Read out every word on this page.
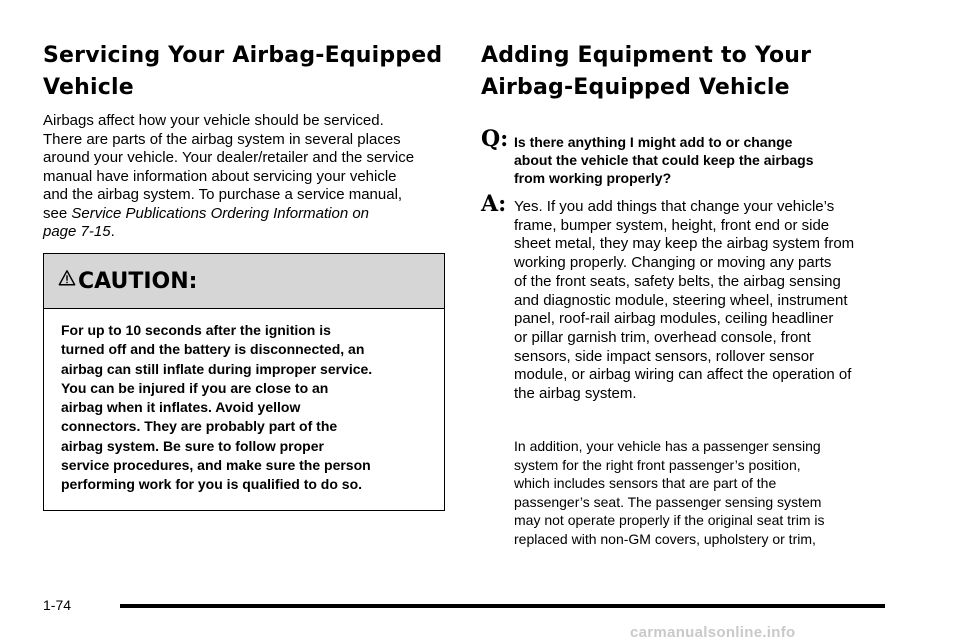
Servicing Your Airbag-Equipped
Vehicle

Airbags affect how your vehicle should be serviced.
There are parts of the airbag system in several places
around your vehicle. Your dealer/retailer and the service
manual have information about servicing your vehicle
and the airbag system. To purchase a service manual,
see Service Publications Ordering Information on
page 7-15.

CAUTION:

For up to 10 seconds after the ignition is
turned off and the battery is disconnected, an
airbag can still inflate during improper service.
You can be injured if you are close to an
airbag when it inflates. Avoid yellow
connectors. They are probably part of the
airbag system. Be sure to follow proper
service procedures, and make sure the person
performing work for you is qualified to do so.

Adding Equipment to Your
Airbag-Equipped Vehicle
Q: Is there anything I might add to or change
about the vehicle that could keep the airbags
from working properly?

A: Yes. If you add things that change your vehicle’s
frame, bumper system, height, front end or side
sheet metal, they may keep the airbag system from
working properly. Changing or moving any parts
of the front seats, safety belts, the airbag sensing
and diagnostic module, steering wheel, instrument
panel, roof-rail airbag modules, ceiling headliner
or pillar garnish trim, overhead console, front
sensors, side impact sensors, rollover sensor
module, or airbag wiring can affect the operation of
the airbag system.

In addition, your vehicle has a passenger sensing
system for the right front passenger’s position,
which includes sensors that are part of the
passenger’s seat. The passenger sensing system
may not operate properly if the original seat trim is
replaced with non-GM covers, upholstery or trim,

1-74
carmanualsonline.info
